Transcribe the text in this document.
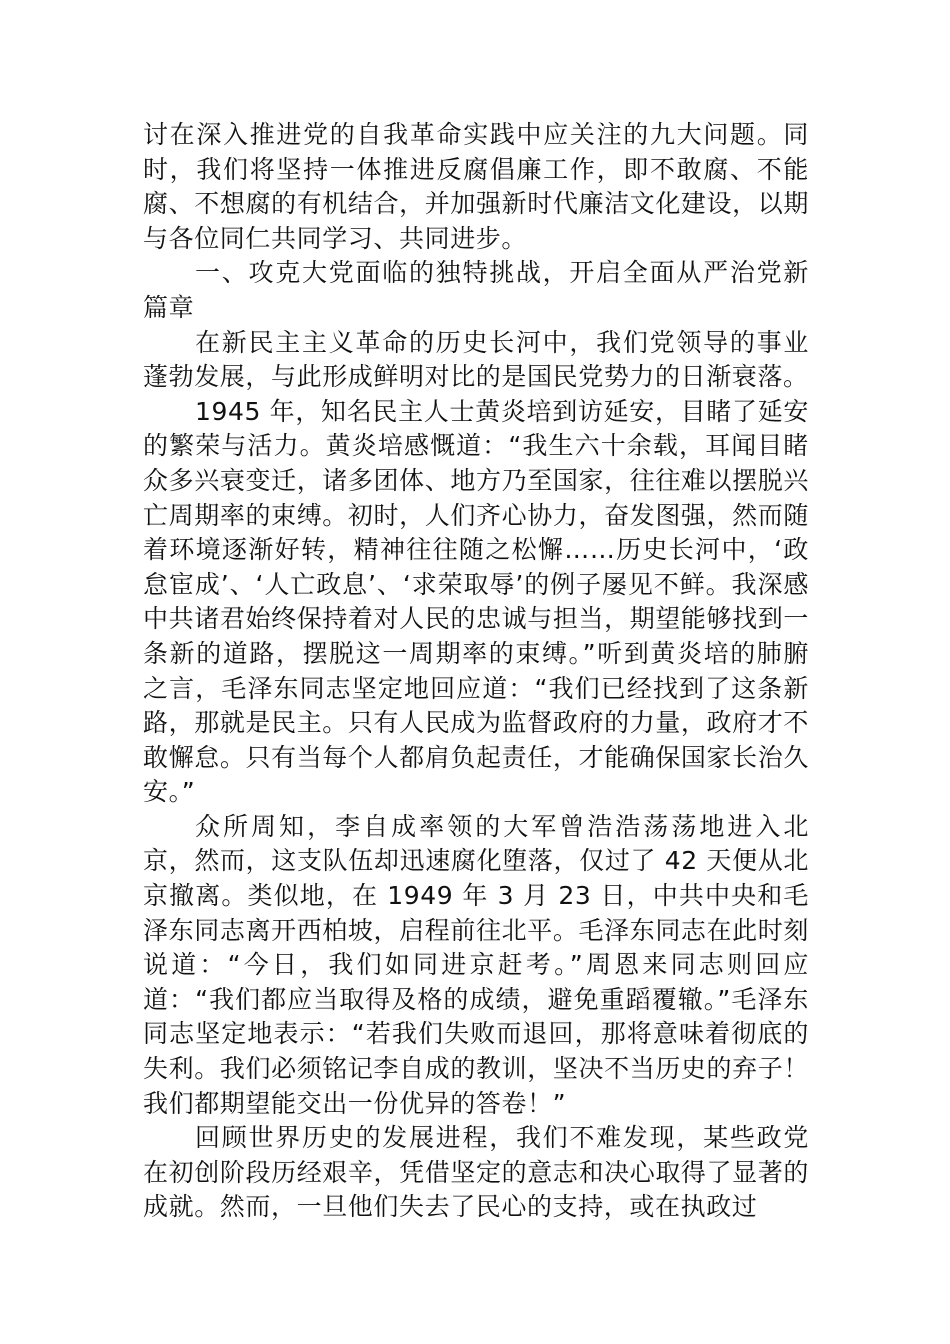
讨在深入推进党的自我革命实践中应关注的九大问题。同时，我们将坚持一体推进反腐倡廉工作，即不敢腐、不能腐、不想腐的有机结合，并加强新时代廉洁文化建设，以期与各位同仁共同学习、共同进步。

一、攻克大党面临的独特挑战，开启全面从严治党新篇章

在新民主主义革命的历史长河中，我们党领导的事业蓬勃发展，与此形成鲜明对比的是国民党势力的日渐衰落。

1945 年，知名民主人士黄炎培到访延安，目睹了延安的繁荣与活力。黄炎培感慨道：“我生六十余载，耳闻目睹众多兴衰变迁，诸多团体、地方乃至国家，往往难以摆脱兴亡周期率的束缚。初时，人们齐心协力，奋发图强，然而随着环境逐渐好转，精神往往随之松懈……历史长河中，‘政怠宦成’、‘人亡政息’、‘求荣取辱’的例子屡见不鲜。我深感中共诸君始终保持着对人民的忠诚与担当，期望能够找到一条新的道路，摆脱这一周期率的束缚。”听到黄炎培的肺腑之言，毛泽东同志坚定地回应道：“我们已经找到了这条新路，那就是民主。只有人民成为监督政府的力量，政府才不敢懈怠。只有当每个人都肩负起责任，才能确保国家长治久安。”

众所周知，李自成率领的大军曾浩浩荡荡地进入北京，然而，这支队伍却迅速腐化堕落，仅过了 42 天便从北京撤离。类似地，在 1949 年 3 月 23 日，中共中央和毛泽东同志离开西柏坡，启程前往北平。毛泽东同志在此时刻说道：“今日，我们如同进京赶考。”周恩来同志则回应道：“我们都应当取得及格的成绩，避免重蹈覆辙。”毛泽东同志坚定地表示：“若我们失败而退回，那将意味着彻底的失利。我们必须铭记李自成的教训，坚决不当历史的弃子！我们都期望能交出一份优异的答卷！”

回顾世界历史的发展进程，我们不难发现，某些政党在初创阶段历经艰辛，凭借坚定的意志和决心取得了显著的成就。然而，一旦他们失去了民心的支持，或在执政过
